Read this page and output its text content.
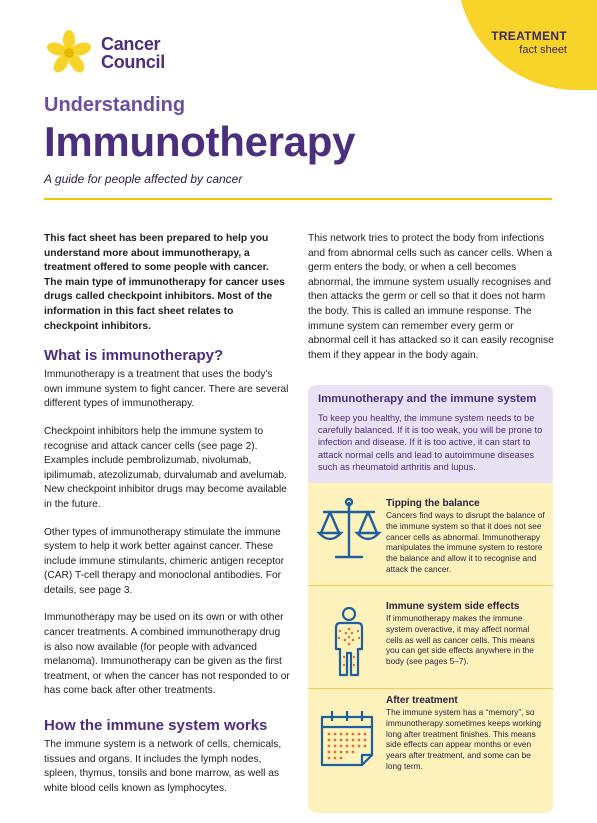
TREATMENT
fact sheet
Cancer
Council
Understanding
Immunotherapy
A guide for people affected by cancer

This fact sheet has been prepared to help you understand more about immunotherapy, a treatment offered to some people with cancer. The main type of immunotherapy for cancer uses drugs called checkpoint inhibitors. Most of the information in this fact sheet relates to checkpoint inhibitors.

What is immunotherapy?

Immunotherapy is a treatment that uses the body's own immune system to fight cancer. There are several different types of immunotherapy.

Checkpoint inhibitors help the immune system to recognise and attack cancer cells (see page 2). Examples include pembrolizumab, nivolumab, ipilimumab, atezolizumab, durvalumab and avelumab. New checkpoint inhibitor drugs may become available in the future.

Other types of immunotherapy stimulate the immune system to help it work better against cancer. These include immune stimulants, chimeric antigen receptor (CAR) T-cell therapy and monoclonal antibodies. For details, see page 3.

Immunotherapy may be used on its own or with other cancer treatments. A combined immunotherapy drug is also now available (for people with advanced melanoma). Immunotherapy can be given as the first treatment, or when the cancer has not responded to or has come back after other treatments.

How the immune system works

The immune system is a network of cells, chemicals, tissues and organs. It includes the lymph nodes, spleen, thymus, tonsils and bone marrow, as well as white blood cells known as lymphocytes.

This network tries to protect the body from infections and from abnormal cells such as cancer cells. When a germ enters the body, or when a cell becomes abnormal, the immune system usually recognises and then attacks the germ or cell so that it does not harm the body. This is called an immune response. The immune system can remember every germ or abnormal cell it has attacked so it can easily recognise them if they appear in the body again.

Immunotherapy and the immune system
To keep you healthy, the immune system needs to be carefully balanced. If it is too weak, you will be prone to infection and disease. If it is too active, it can start to attack normal cells and lead to autoimmune diseases such as rheumatoid arthritis and lupus.
Tipping the balance
Cancers find ways to disrupt the balance of the immune system so that it does not see cancer cells as abnormal. Immunotherapy manipulates the immune system to restore the balance and allow it to recognise and attack the cancer.
Immune system side effects
If immunotherapy makes the immune system overactive, it may affect normal cells as well as cancer cells. This means you can get side effects anywhere in the body (see pages 5–7).
After treatment
The immune system has a “memory”, so immunotherapy sometimes keeps working long after treatment finishes. This means side effects can appear months or even years after treatment, and some can be long term.
